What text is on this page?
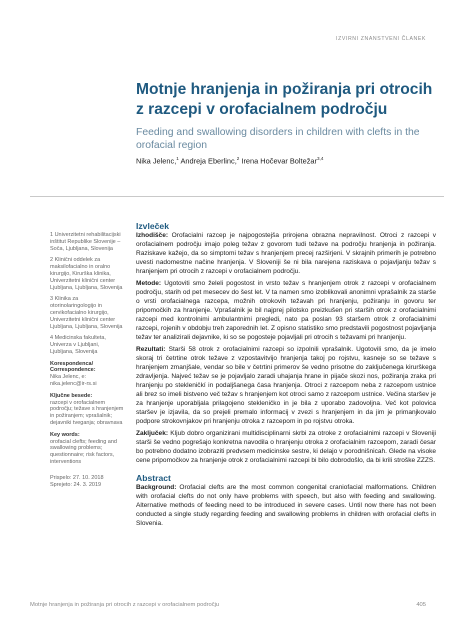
IZVIRNI ZNANSTVENI ČLANEK
Motnje hranjenja in požiranja pri otrocih z razcepi v orofacialnem področju
Feeding and swallowing disorders in children with clefts in the orofacial region
Nika Jelenc,$^1$ Andreja Eberlinc,$^2$ Irena Hočevar Boltežar$^{3,4}$

1 Univerzitetni rehabilitacijski inštitut Republike Slovenije – Soča, Ljubljana, Slovenija

2 Klinični oddelek za maksilofacialno in oralno kirurgijo, Kirurška klinika, Univerzitetni klinični center Ljubljana, Ljubljana, Slovenija

3 Klinika za otorinolaringologijo in cervikofacialno kirurgijo, Univerzitetni klinični center Ljubljana, Ljubljana, Slovenija

4 Medicinska fakulteta, Univerza v Ljubljani, Ljubljana, Slovenija

Korespondenca/ Correspondence:
Nika Jelenc, e: nika.jelenc@ir-rs.si
Ključne besede:
razcepi v orofacialnem področju; težave s hranjenjem in požiranjem; vprašalnik; dejavniki tveganja; obravnava
Key words:
orofacial clefts; feeding and swallowing problems; questionnaire; risk factors, interventions
Prispelo: 27. 10. 2018
Sprejeto: 24. 3. 2019
Izvleček

Izhodišče: Orofacialni razcep je najpogostejša prirojena obrazna nepravilnost. Otroci z razcepi v orofacialnem področju imajo poleg težav z govorom tudi težave na področju hranjenja in požiranja. Raziskave kažejo, da so simptomi težav s hranjenjem precej razširjeni. V skrajnih primerih je potrebno uvesti nadomestne načine hranjenja. V Sloveniji še ni bila narejena raziskava o pojavljanju težav s hranjenjem pri otrocih z razcepi v orofacialnem področju.

Metode: Ugotoviti smo želeli pogostost in vrsto težav s hranjenjem otrok z razcepi v orofacialnem področju, starih od pet mesecev do šest let. V ta namen smo izoblikovali anonimni vprašalnik za starše o vrsti orofacialnega razcepa, možnih otrokovih težavah pri hranjenju, požiranju in govoru ter pripomočkih za hranjenje. Vprašalnik je bil najprej pilotsko preizkušen pri starših otrok z orofacialnimi razcepi med kontrolnimi ambulantnimi pregledi, nato pa poslan 93 staršem otrok z orofacialnimi razcepi, rojenih v obdobju treh zaporednih let. Z opisno statistiko smo predstavili pogostnost pojavljanja težav ter analizirali dejavnike, ki so se pogosteje pojavljali pri otrocih s težavami pri hranjenju.

Rezultati: Starši 58 otrok z orofacialnimi razcepi so izpolnili vprašalnik. Ugotovili smo, da je imelo skoraj tri četrtine otrok težave z vzpostavitvijo hranjenja takoj po rojstvu, kasneje so se težave s hranjenjem zmanjšale, vendar so bile v četrtini primerov še vedno prisotne do zaključenega kirurškega zdravljenja. Najveć težav se je pojavljalo zaradi uhajanja hrane in pijače skozi nos, požiranja zraka pri hranjenju po stekleničkí in podaljšanega časa hranjenja. Otroci z razcepom neba z razcepom ustnice ali brez so imeli bistveno več težav s hranjenjem kot otroci samo z razcepom ustnice. Večina staršev je za hranjenje uporabljala prilagojeno stekleničko in je bila z uporabo zadovoljna. Več kot polovica staršev je izjavila, da so prejeli premalo informacij v zvezi s hranjenjem in da jim je primanjkovalo podpore strokovnjakov pri hranjenju otroka z razcepom in po rojstvu otroka.

Zaključek: Kljub dobro organizirani multidisciplinarni skrbi za otroke z orofacialnimi razcepi v Sloveniji starši še vedno pogrešajo konkretna navodila o hranjenju otroka z orofacialnim razcepom, zaradi česar bo potrebno dodatno izobraziti predvsem medicinske sestre, ki delajo v porodnišnicah. Glede na visoke cene pripomočkov za hranjenje otrok z orofacialnimi razcepi bi bilo dobrodošlo, da bi krili stroške ZZZS.

Abstract

Background: Orofacial clefts are the most common congenital craniofacial malformations. Children with orofacial clefts do not only have problems with speech, but also with feeding and swallowing. Alternative methods of feeding need to be introduced in severe cases. Until now there has not been conducted a single study regarding feeding and swallowing problems in children with orofacial clefts in Slovenia.

Motnje hranjenja in požiranja pri otrocih z razcepi v orofacialnem področju	405
